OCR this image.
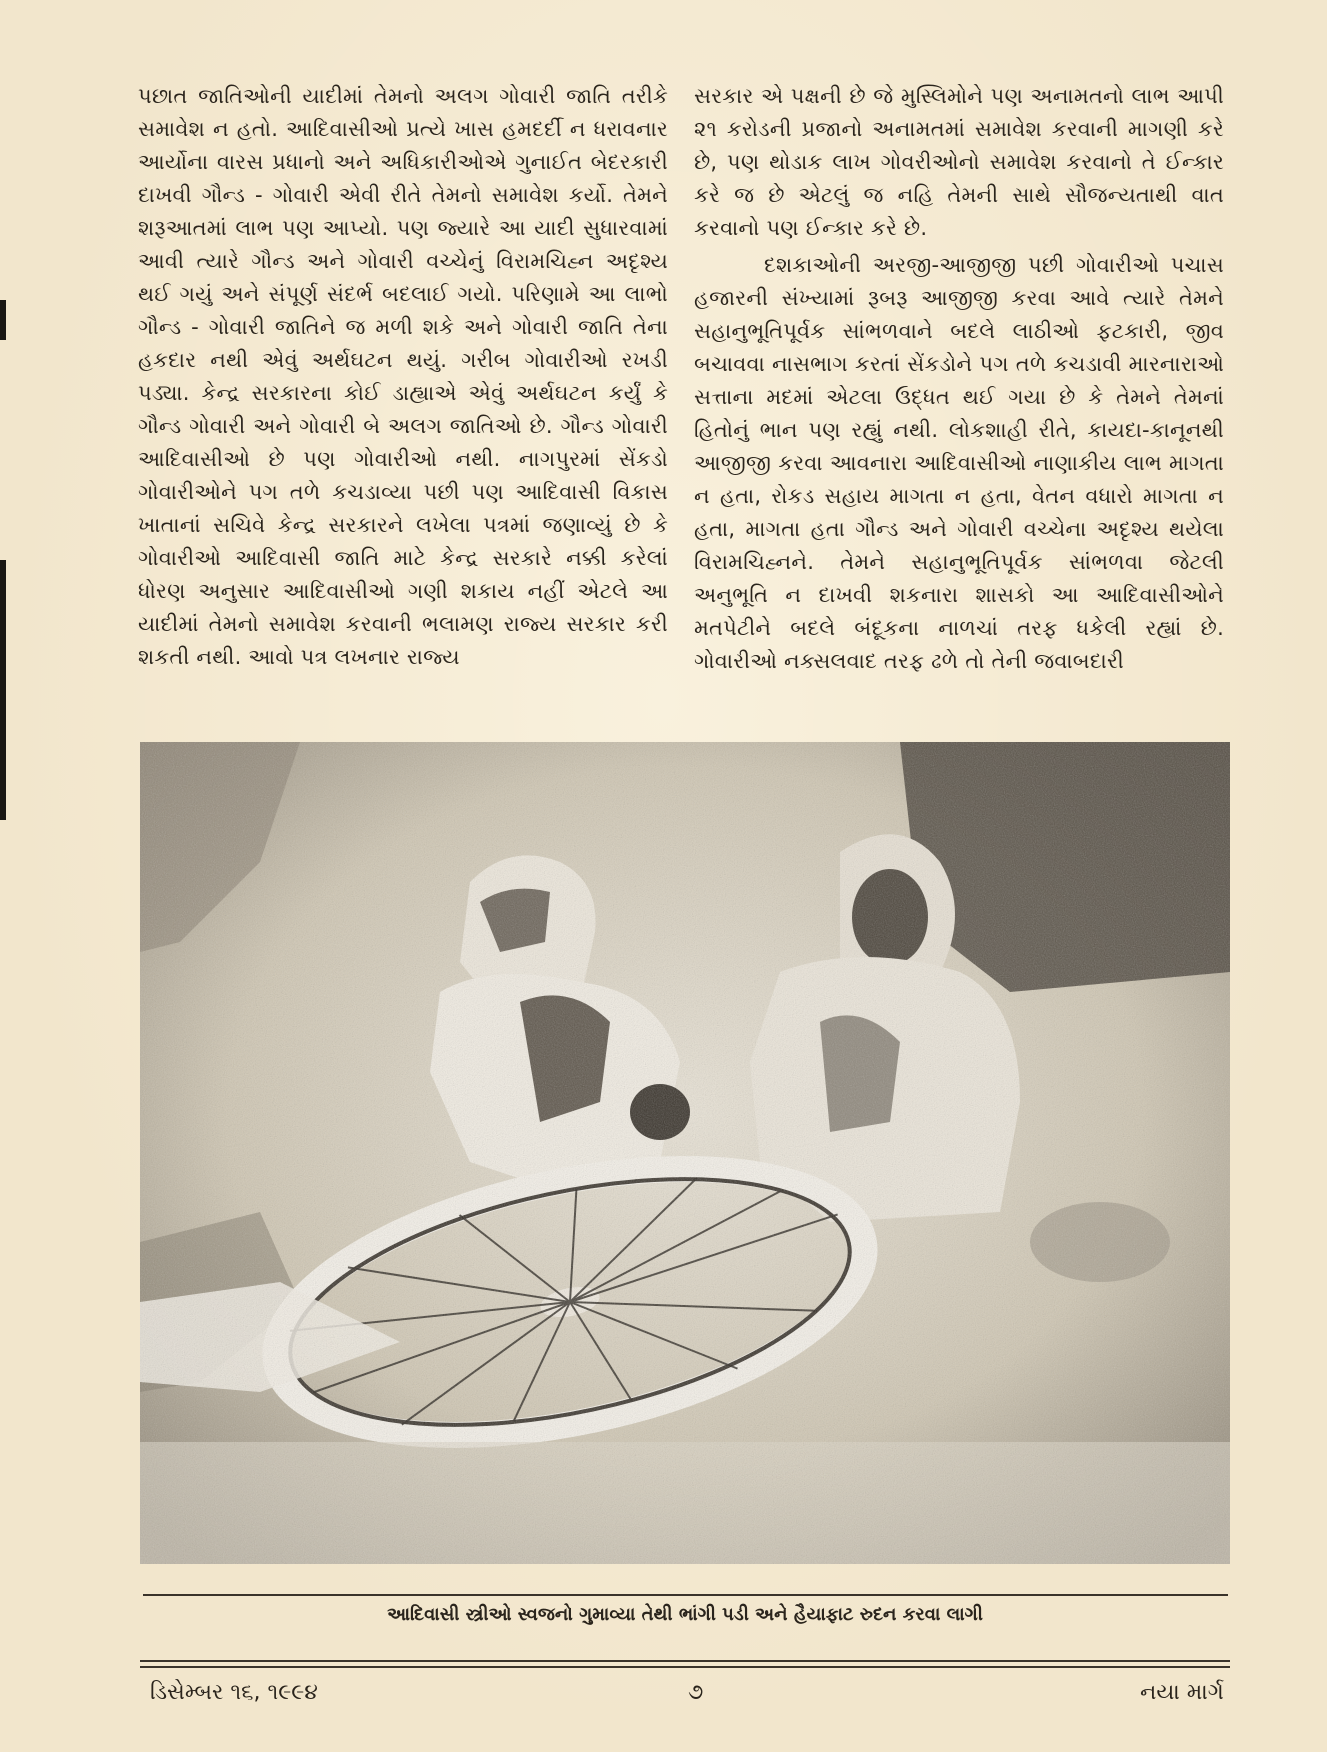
પછાત જાતિઓની યાદીમાં તેમનો અલગ ગોવારી જાતિ તરીકે સમાવેશ ન હતો. આદિવાસીઓ પ્રત્યે ખાસ હમદર્દી ન ધરાવનાર આર્યોના વારસ પ્રધાનો અને અધિકારીઓએ ગુનાઈત બેદરકારી દાખવી ગૌન્ડ - ગોવારી એવી રીતે તેમનો સમાવેશ કર્યો. તેમને શરૂઆતમાં લાભ પણ આપ્યો. પણ જ્યારે આ યાદી સુધારવામાં આવી ત્યારે ગૌન્ડ અને ગોવારી વચ્ચેનું વિરામચિહ્ન અદૃશ્ય થઈ ગયું અને સંપૂર્ણ સંદર્ભ બદલાઈ ગયો. પરિણામે આ લાભો ગૌન્ડ - ગોવારી જાતિને જ મળી શકે અને ગોવારી જાતિ તેના હકદાર નથી એવું અર્થઘટન થયું. ગરીબ ગોવારીઓ રખડી પડ્યા. કેન્દ્ર સરકારના કોઈ ડાહ્યાએ એવું અર્થઘટન કર્યું કે ગૌન્ડ ગોવારી અને ગોવારી બે અલગ જાતિઓ છે. ગૌન્ડ ગોવારી આદિવાસીઓ છે પણ ગોવારીઓ નથી. નાગપુરમાં સેંકડો ગોવારીઓને પગ તળે કચડાવ્યા પછી પણ આદિવાસી વિકાસ ખાતાનાં સચિવે કેન્દ્ર સરકારને લખેલા પત્રમાં જણાવ્યું છે કે ગોવારીઓ આદિવાસી જાતિ માટે કેન્દ્ર સરકારે નક્કી કરેલાં ધોરણ અનુસાર આદિવાસીઓ ગણી શકાય નહીં એટલે આ યાદીમાં તેમનો સમાવેશ કરવાની ભલામણ રાજ્ય સરકાર કરી શકતી નથી. આવો પત્ર લખનાર રાજ્ય

સરકાર એ પક્ષની છે જે મુસ્લિમોને પણ અનામતનો લાભ આપી ૨૧ કરોડની પ્રજાનો અનામતમાં સમાવેશ કરવાની માગણી કરે છે, પણ થોડાક લાખ ગોવરીઓનો સમાવેશ કરવાનો તે ઈન્કાર કરે જ છે એટલું જ નહિ તેમની સાથે સૌજન્યતાથી વાત કરવાનો પણ ઈન્કાર કરે છે.

દશકાઓની અરજી-આજીજી પછી ગોવારીઓ પચાસ હજારની સંખ્યામાં રૂબરૂ આજીજી કરવા આવે ત્યારે તેમને સહાનુભૂતિપૂર્વક સાંભળવાને બદલે લાઠીઓ ફટકારી, જીવ બચાવવા નાસભાગ કરતાં સેંકડોને પગ તળે કચડાવી મારનારાઓ સત્તાના મદમાં એટલા ઉદ્ધત થઈ ગયા છે કે તેમને તેમનાં હિતોનું ભાન પણ રહ્યું નથી. લોકશાહી રીતે, કાયદા-કાનૂનથી આજીજી કરવા આવનારા આદિવાસીઓ નાણાકીય લાભ માગતા ન હતા, રોકડ સહાય માગતા ન હતા, વેતન વધારો માગતા ન હતા, માગતા હતા ગૌન્ડ અને ગોવારી વચ્ચેના અદૃશ્ય થયેલા વિરામચિહ્નને. તેમને સહાનુભૂતિપૂર્વક સાંભળવા જેટલી અનુભૂતિ ન દાખવી શકનારા શાસકો આ આદિવાસીઓને મતપેટીને બદલે બંદૂકના નાળચાં તરફ ધકેલી રહ્યાં છે. ગોવારીઓ નક્સલવાદ તરફ ઢળે તો તેની જવાબદારી

આદિવાસી સ્ત્રીઓ સ્વજનો ગુમાવ્યા તેથી ભાંગી પડી અને હૈયાફાટ રુદન કરવા લાગી
ડિસેમ્બર ૧૬, ૧૯૯૪	૭	નયા માર્ગ
